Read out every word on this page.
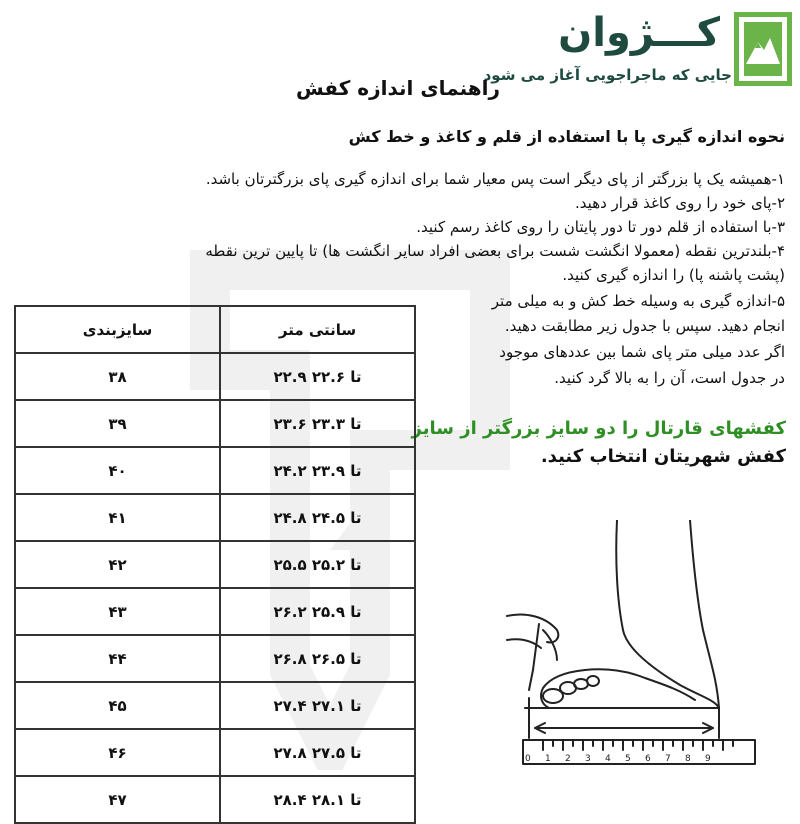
کـــژوان
جایی که ماجراجویی آغاز می شود
راهنمای اندازه کفش
نحوه اندازه گیری پا با استفاده از قلم و کاغذ و خط کش
۱-همیشه یک پا بزرگتر از پای دیگر است پس معیار شما برای اندازه گیری پای بزرگترتان باشد.
۲-پای خود را روی کاغذ قرار دهید.
۳-با استفاده از قلم دور تا دور پایتان را روی کاغذ رسم کنید.
۴-بلندترین نقطه (معمولا انگشت شست برای بعضی افراد سایر انگشت ها) تا پایین ترین نقطه
(پشت پاشنه پا) را اندازه گیری کنید.
۵-اندازه گیری به وسیله خط کش و به میلی متر
انجام دهید. سپس با جدول زیر مطابقت دهید.
اگر عدد میلی متر پای شما بین عددهای موجود
در جدول است، آن را به بالا گرد کنید.
کفشهای قارتال را دو سایز بزرگتر از سایز
کفش شهریتان انتخاب کنید.
سایزبندی	سانتی متر
۳۸	۲۲.۹ تا ۲۲.۶
۳۹	۲۳.۶ تا ۲۳.۳
۴۰	۲۴.۲ تا ۲۳.۹
۴۱	۲۴.۸ تا ۲۴.۵
۴۲	۲۵.۵ تا ۲۵.۲
۴۳	۲۶.۲ تا ۲۵.۹
۴۴	۲۶.۸ تا ۲۶.۵
۴۵	۲۷.۴ تا ۲۷.۱
۴۶	۲۷.۸ تا ۲۷.۵
۴۷	۲۸.۴ تا ۲۸.۱
0 1 2 3 4 5 6 7 8 9
